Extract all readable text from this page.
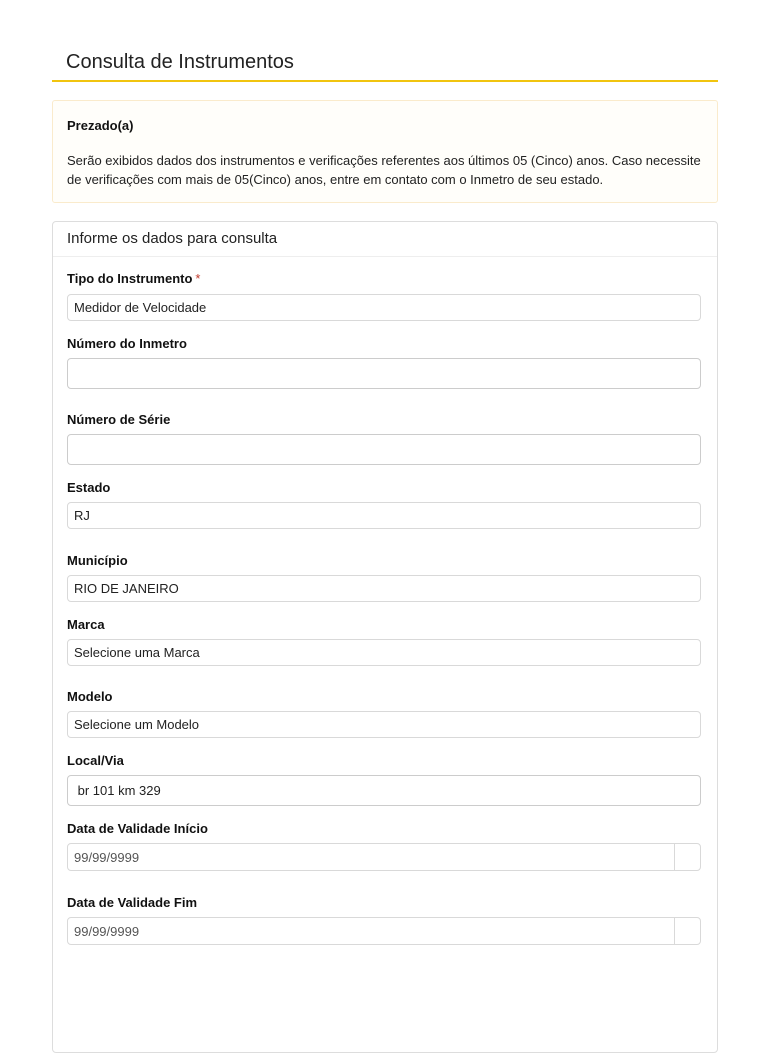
Consulta de Instrumentos

Prezado(a)

Serão exibidos dados dos instrumentos e verificações referentes aos últimos 05 (Cinco) anos. Caso necessite de verificações com mais de 05(Cinco) anos, entre em contato com o Inmetro de seu estado.

Informe os dados para consulta
Tipo do Instrumento *
Medidor de Velocidade
Número do Inmetro
Número de Série
Estado
RJ
Município
RIO DE JANEIRO
Marca
Selecione uma Marca
Modelo
Selecione um Modelo
Local/Via
br 101 km 329
Data de Validade Início
99/99/9999
Data de Validade Fim
99/99/9999
